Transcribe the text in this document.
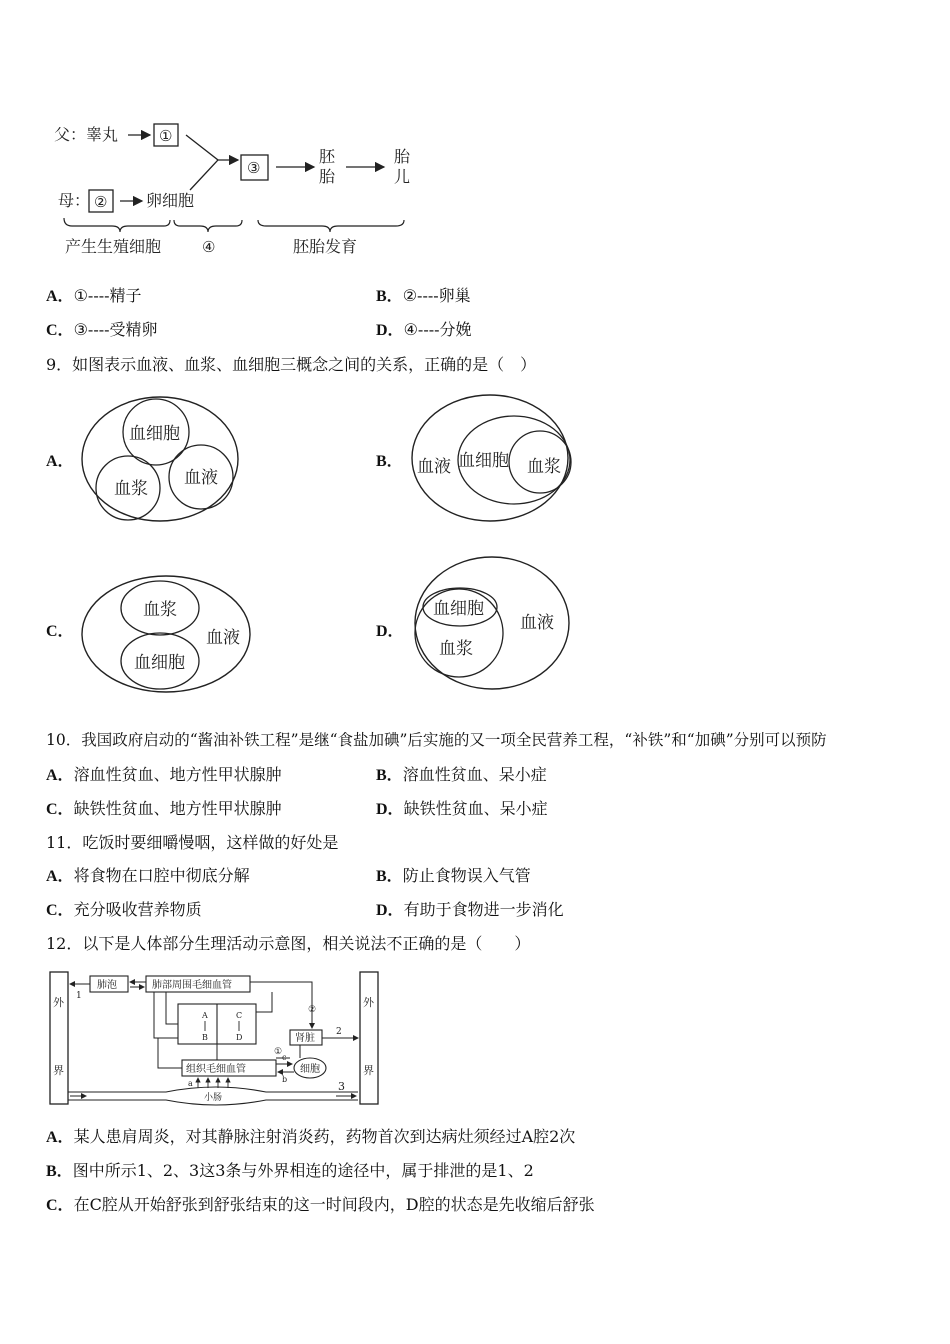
父：睾丸	①
③
胚
胎
胎
儿
母： ② 卵细胞
产生生殖细胞	④	胚胎发育
A．①----精子	B．②----卵巢
C．③----受精卵	D．④----分娩
9．如图表示血液、血浆、血细胞三概念之间的关系，正确的是（　）
A．
血细胞
血浆
血液
B． 血液 血细胞 血浆
C．
血浆
血液
血细胞
D．
血细胞
血浆
血液
10．我国政府启动的“酱油补铁工程”是继“食盐加碘”后实施的又一项全民营养工程，“补铁”和“加碘”分别可以预防
A．溶血性贫血、地方性甲状腺肿	B．溶血性贫血、呆小症
C．缺铁性贫血、地方性甲状腺肿	D．缺铁性贫血、呆小症
11．吃饭时要细嚼慢咽，这样做的好处是
A．将食物在口腔中彻底分解	B．防止食物误入气管
C．充分吸收营养物质	D．有助于食物进一步消化
12．以下是人体部分生理活动示意图，相关说法不正确的是（　　）
外
界
外
界
肺泡	肺部周围毛细血管
1
A
B
C
D
②
肾脏
2
①
组织毛细血管	细胞
c
b
小肠
a	3
A．某人患肩周炎，对其静脉注射消炎药，药物首次到达病灶须经过A腔2次
B．图中所示1、2、3这3条与外界相连的途径中，属于排泄的是1、2
C．在C腔从开始舒张到舒张结束的这一时间段内，D腔的状态是先收缩后舒张
